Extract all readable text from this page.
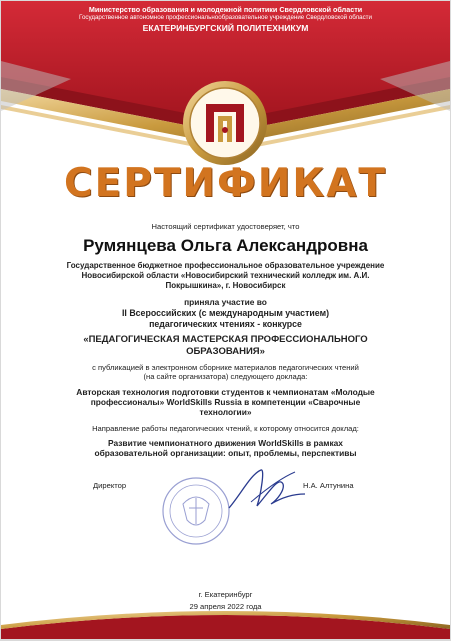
Министерство образования и молодежной политики Свердловской области
Государственное автономное профессиональнообразовательное учреждение Свердловской области
ЕКАТЕРИНБУРГСКИЙ ПОЛИТЕХНИКУМ
СЕРТИФИКАТ
Настоящий сертификат удостоверяет, что
Румянцева Ольга Александровна
Государственное бюджетное профессиональное образовательное учреждение Новосибирской области «Новосибирский технический колледж им. А.И. Покрышкина», г. Новосибирск
приняла участие во
II Всероссийских (с международным участием) педагогических чтениях - конкурсе
«ПЕДАГОГИЧЕСКАЯ МАСТЕРСКАЯ ПРОФЕССИОНАЛЬНОГО ОБРАЗОВАНИЯ»
с публикацией в электронном сборнике материалов педагогических чтений (на сайте организатора) следующего доклада:
Авторская технология подготовки студентов к чемпионатам «Молодые профессионалы» WorldSkills Russia в компетенции «Сварочные технологии»
Направление работы педагогических чтений, к которому относится доклад:
Развитие чемпионатного движения WorldSkills в рамках образовательной организации: опыт, проблемы, перспективы
Директор	Н.А. Алтунина
г. Екатеринбург
29 апреля 2022 года
